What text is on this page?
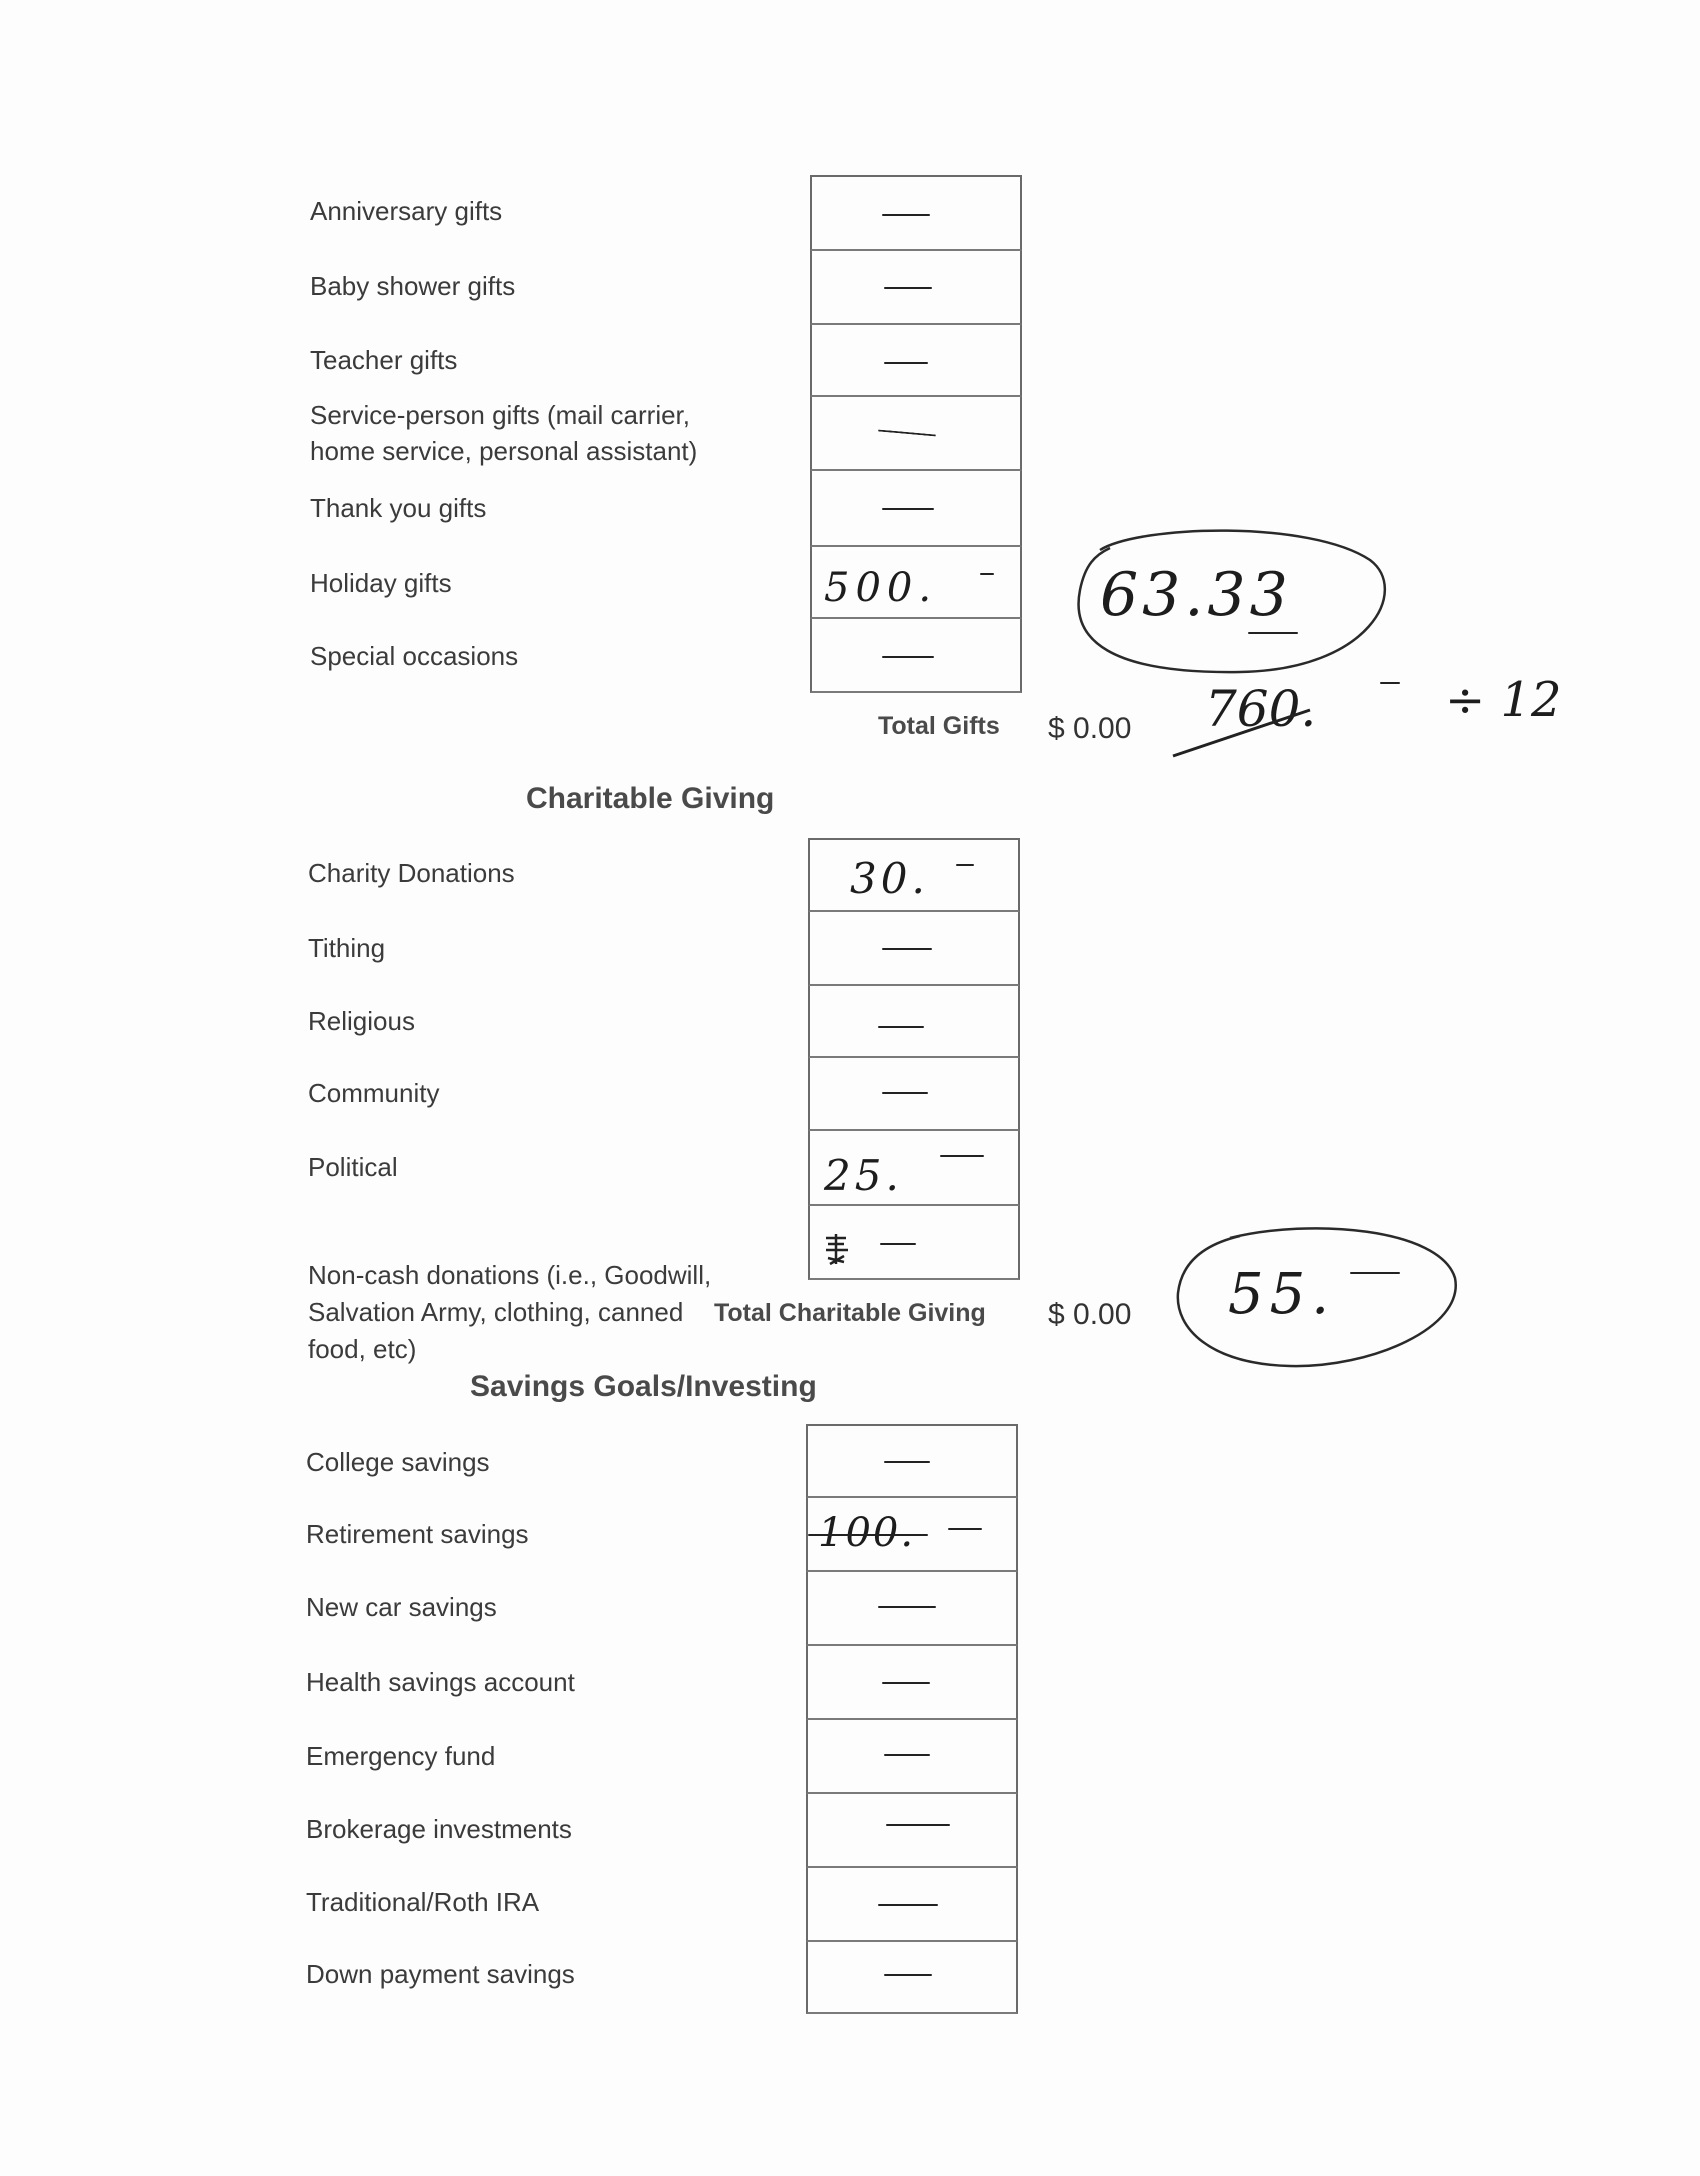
Anniversary gifts
Baby shower gifts
Teacher gifts
Service-person gifts (mail carrier,
home service, personal assistant)
Thank you gifts
Holiday gifts
Special occasions
500.
Total Gifts $ 0.00
63.33
760.	÷ 12
Charitable Giving
Charity Donations
Tithing
Religious
Community
Political

Non-cash donations (i.e., Goodwill,
Salvation Army, clothing, canned
food, etc)

30.
25.
Total Charitable Giving $ 0.00 55.
Savings Goals/Investing
College savings
Retirement savings
New car savings
Health savings account
Emergency fund
Brokerage investments
Traditional/Roth IRA
Down payment savings
100.
